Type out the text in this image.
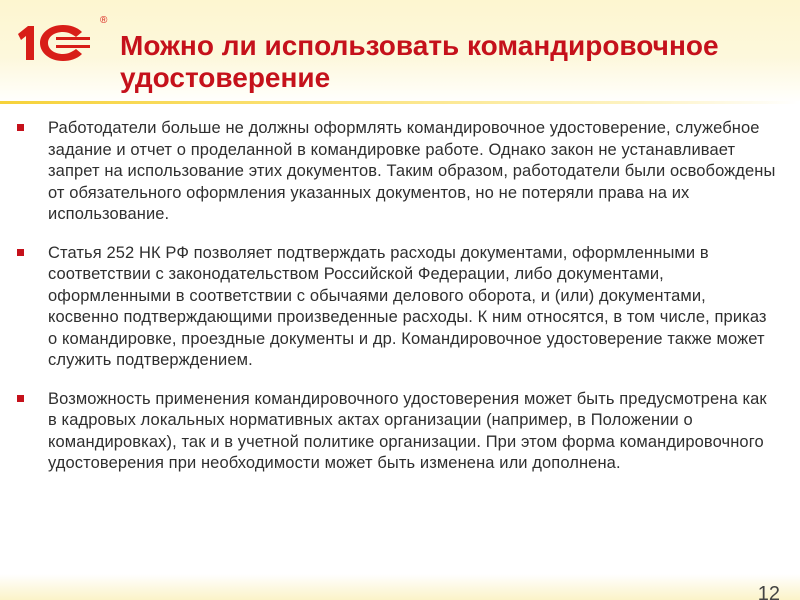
®
Можно ли использовать командировочное удостоверение
Работодатели больше не должны оформлять командировочное удостоверение, служебное задание и отчет о проделанной в командировке работе. Однако закон не устанавливает запрет на использование этих документов. Таким образом, работодатели были освобождены от обязательного оформления указанных документов, но не потеряли права на их использование.
Статья 252 НК РФ позволяет подтверждать расходы документами, оформленными в соответствии с законодательством Российской Федерации, либо документами, оформленными в соответствии с обычаями делового оборота, и (или) документами, косвенно подтверждающими произведенные расходы. К ним относятся, в том числе, приказ о командировке, проездные документы и др. Командировочное удостоверение также может служить подтверждением.
Возможность применения командировочного удостоверения может быть предусмотрена как в кадровых локальных нормативных актах организации (например, в Положении о командировках), так и в учетной политике организации. При этом форма командировочного удостоверения при необходимости может быть изменена или дополнена.
12
